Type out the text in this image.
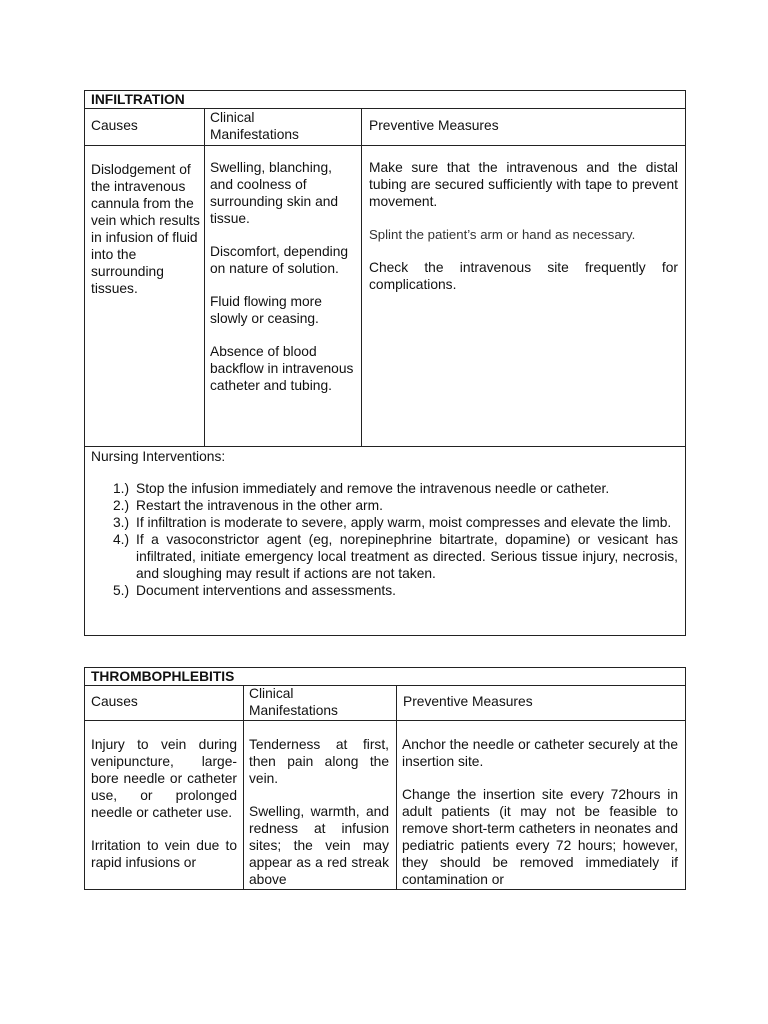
INFILTRATION
Causes
Clinical Manifestations
Preventive Measures

Dislodgement of the intravenous cannula from the vein which results in infusion of fluid into the surrounding tissues.

Swelling, blanching, and coolness of surrounding skin and tissue.

Discomfort, depending on nature of solution.

Fluid flowing more slowly or ceasing.

Absence of blood backflow in intravenous catheter and tubing.

Make sure that the intravenous and the distal tubing are secured sufficiently with tape to prevent movement.

Splint the patient’s arm or hand as necessary.

Check the intravenous site frequently for complications.

Nursing Interventions:
1.) Stop the infusion immediately and remove the intravenous needle or catheter.
2.) Restart the intravenous in the other arm.
3.) If infiltration is moderate to severe, apply warm, moist compresses and elevate the limb.
4.) If a vasoconstrictor agent (eg, norepinephrine bitartrate, dopamine) or vesicant has infiltrated, initiate emergency local treatment as directed. Serious tissue injury, necrosis, and sloughing may result if actions are not taken.
5.) Document interventions and assessments.
THROMBOPHLEBITIS
Causes
Clinical Manifestations
Preventive Measures

Injury to vein during venipuncture, large-bore needle or catheter use, or prolonged needle or catheter use.

Irritation to vein due to rapid infusions or

Tenderness at first, then pain along the vein.

Swelling, warmth, and redness at infusion sites; the vein may appear as a red streak above

Anchor the needle or catheter securely at the insertion site.

Change the insertion site every 72hours in adult patients (it may not be feasible to remove short-term catheters in neonates and pediatric patients every 72 hours; however, they should be removed immediately if contamination or
